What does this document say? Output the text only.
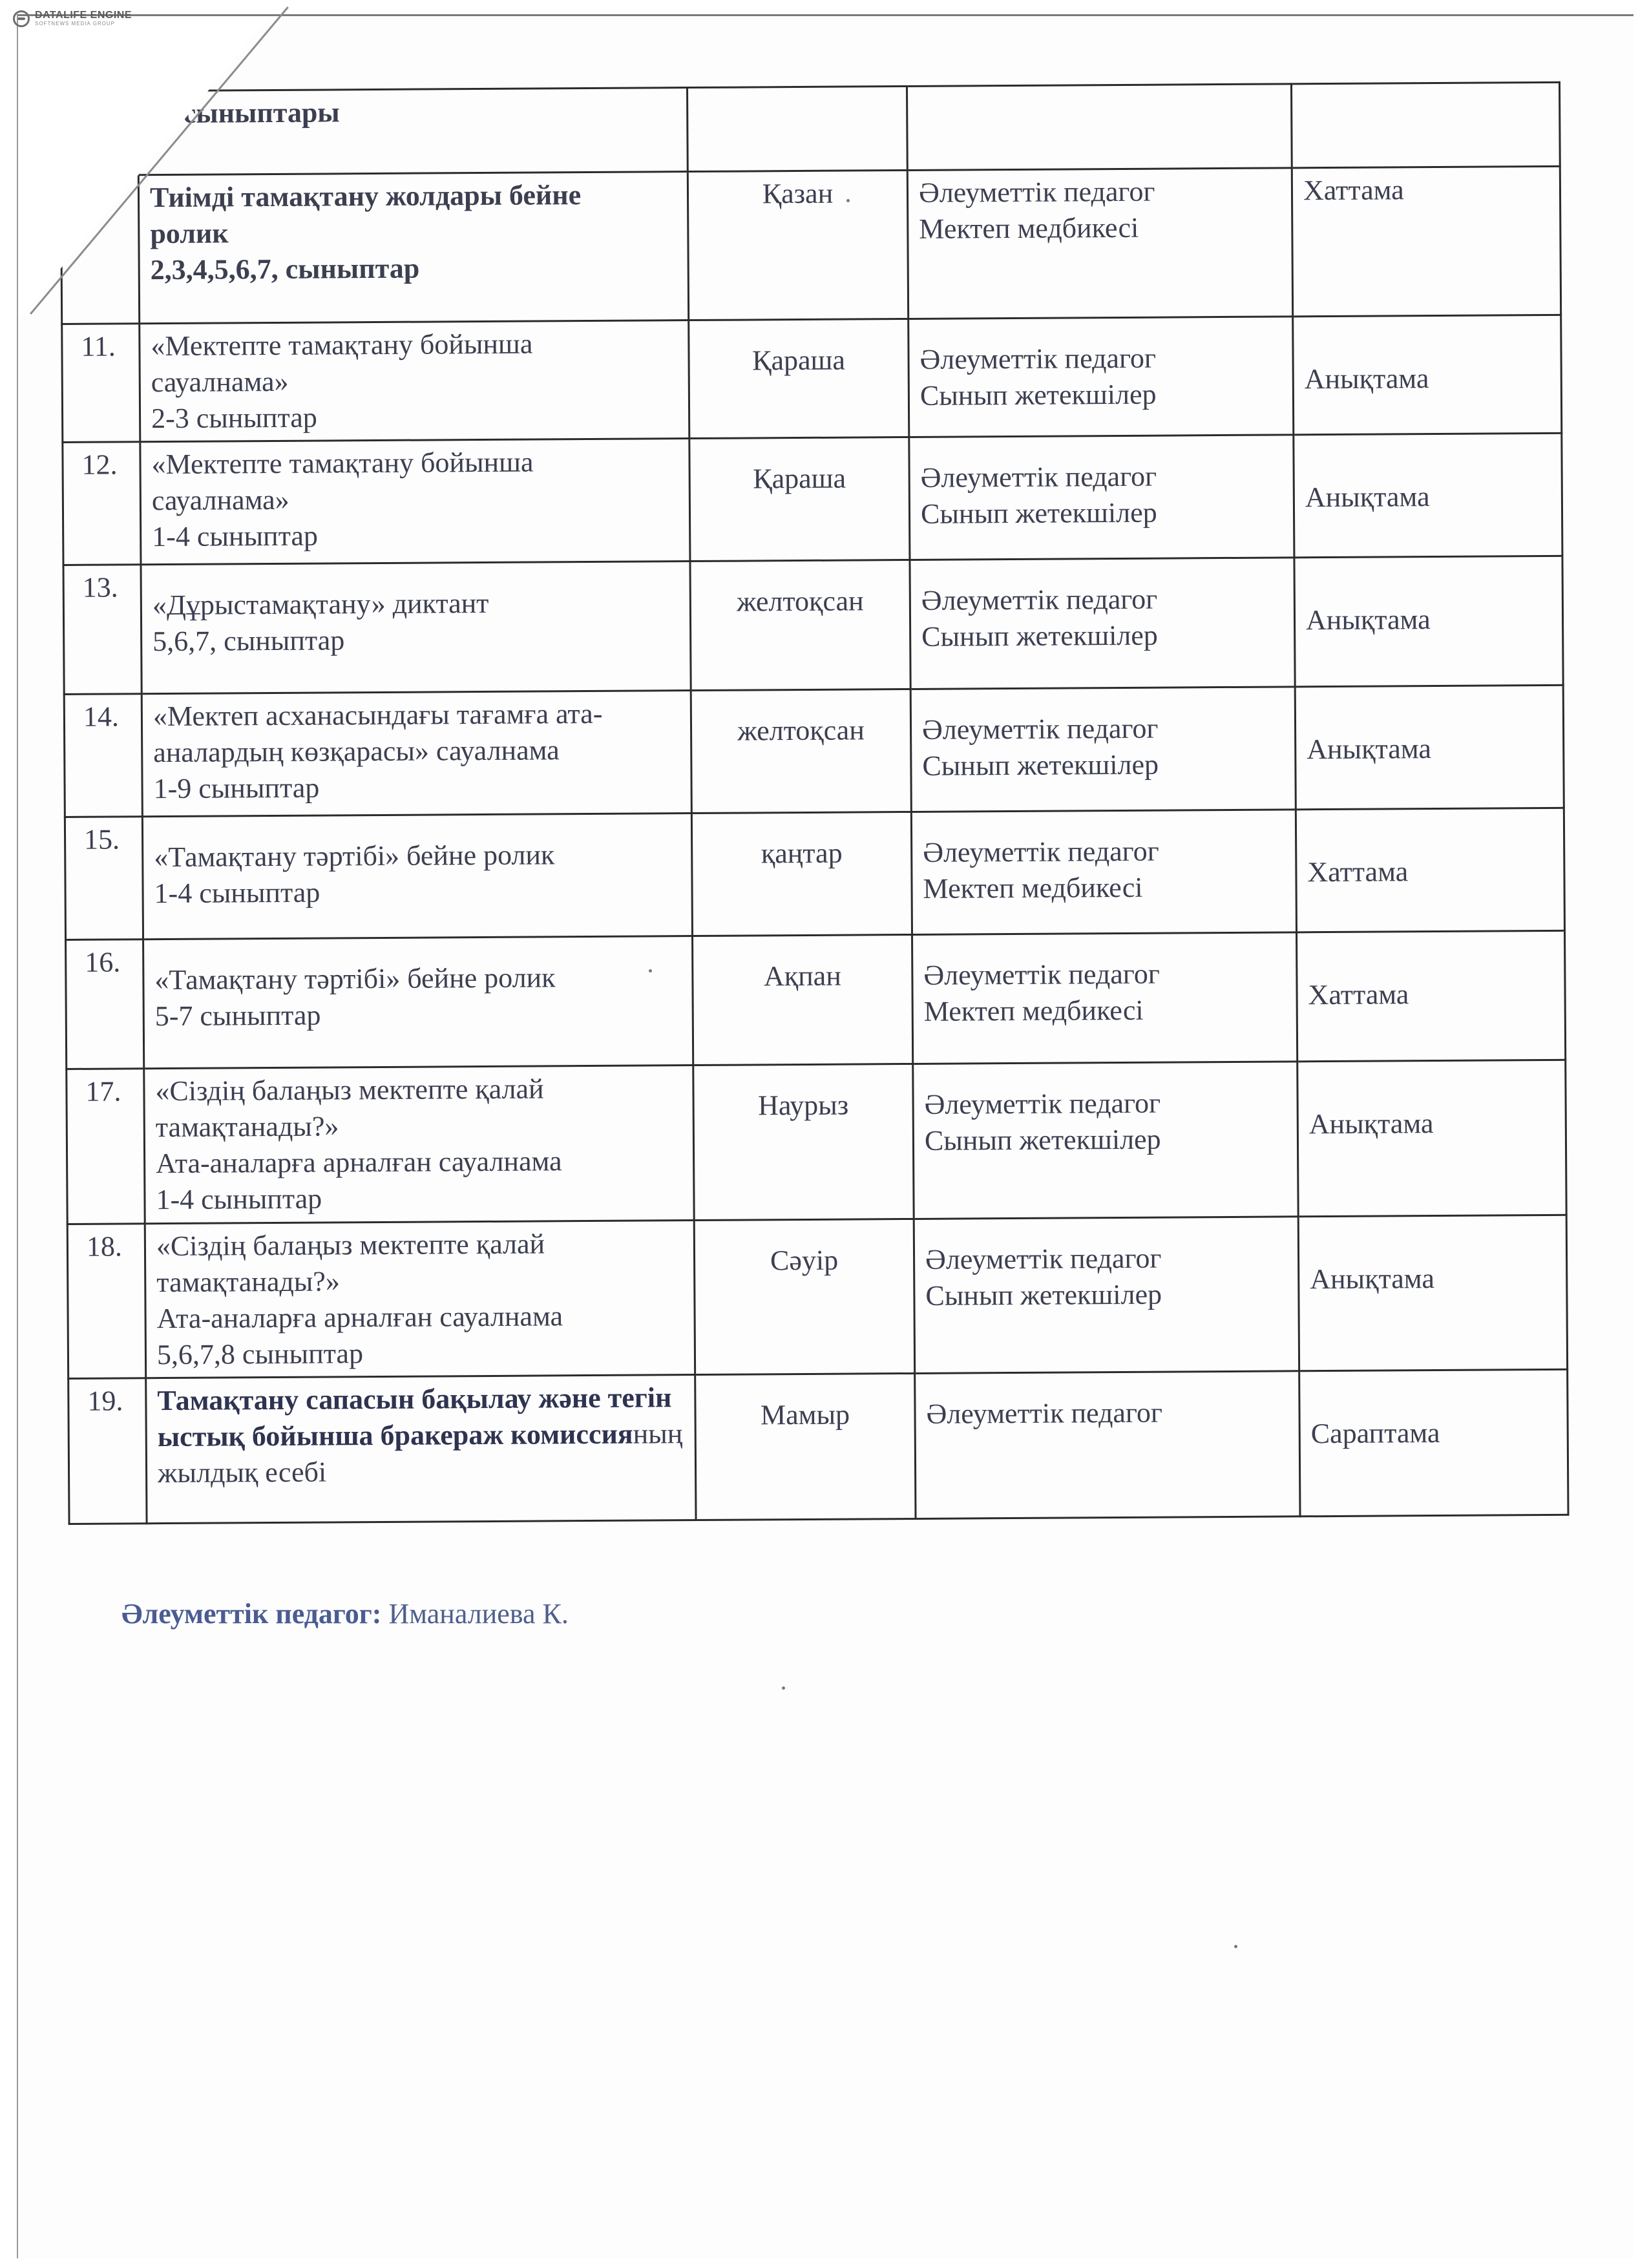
DATALIFE ENGINE
SOFTNEWS MEDIA GROUP

	11 сыныптары			

	Тиімді тамақтану жолдары бейне
ролик
2,3,4,5,6,7, сыныптар	Қазан	Әлеуметтік педагог
Мектеп медбикесі	Хаттама
11.	«Мектепте тамақтану бойынша
сауалнама»
2-3 сыныптар	Қараша	Әлеуметтік педагог
Сынып жетекшілер	Анықтама
12.	«Мектепте тамақтану бойынша
сауалнама»
1-4 сыныптар	Қараша	Әлеуметтік педагог
Сынып жетекшілер	Анықтама
13.	«Дұрыстамақтану» диктант
5,6,7, сыныптар	желтоқсан	Әлеуметтік педагог
Сынып жетекшілер	Анықтама
14.	«Мектеп асханасындағы тағамға ата-
аналардың көзқарасы» сауалнама
1-9 сыныптар	желтоқсан	Әлеуметтік педагог
Сынып жетекшілер	Анықтама
15.	«Тамақтану тәртібі» бейне ролик
1-4 сыныптар	қаңтар	Әлеуметтік педагог
Мектеп медбикесі	Хаттама
16.	«Тамақтану тәртібі» бейне ролик
5-7 сыныптар	Ақпан	Әлеуметтік педагог
Мектеп медбикесі	Хаттама
17.	«Сіздің балаңыз мектепте қалай
тамақтанады?»
Ата-аналарға арналған сауалнама
1-4 сыныптар	Наурыз	Әлеуметтік педагог
Сынып жетекшілер	Анықтама
18.	«Сіздің балаңыз мектепте қалай
тамақтанады?»
Ата-аналарға арналған сауалнама
5,6,7,8 сыныптар	Сәуір	Әлеуметтік педагог
Сынып жетекшілер	Анықтама
19.	Тамақтану сапасын бақылау және тегін ыстық бойынша бракераж комиссияның жылдық есебі	Мамыр	Әлеуметтік педагог	Сараптама
Әлеуметтік педагог: Иманалиева К.
